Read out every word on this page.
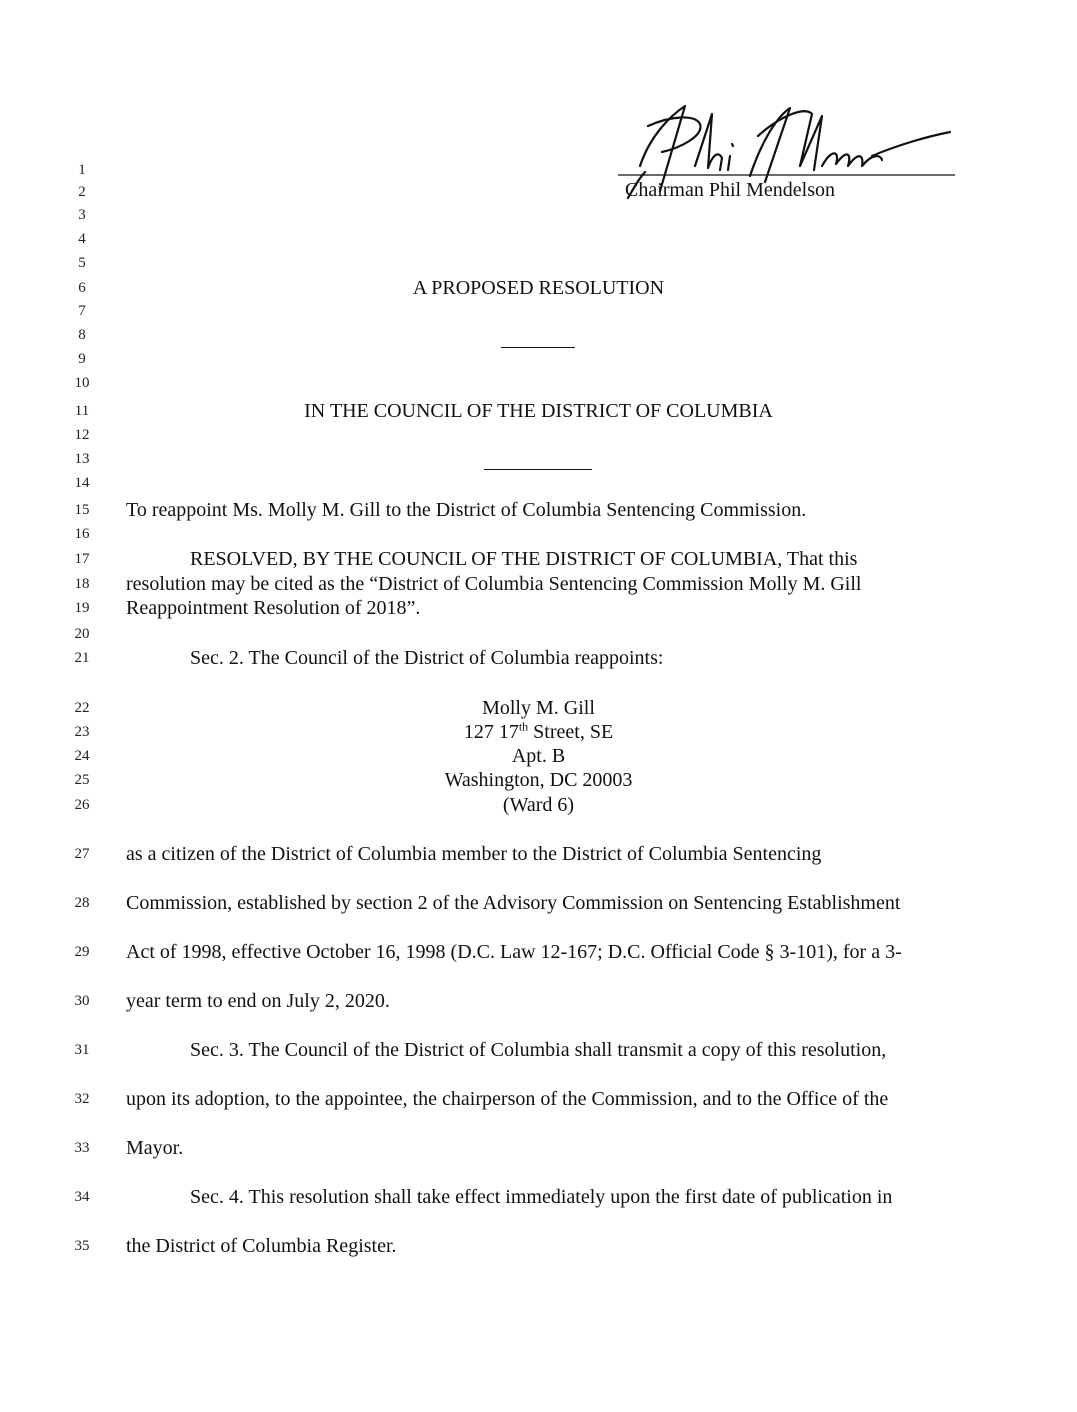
Chairman Phil Mendelson
1
2
3
4
5
6
7
8
9
10
11
12
13
14
15
16
17
18
19
20
21
22
23
24
25
26
27
28
29
30
31
32
33
34
35
A PROPOSED RESOLUTION
IN THE COUNCIL OF THE DISTRICT OF COLUMBIA
To reappoint Ms. Molly M. Gill to the District of Columbia Sentencing Commission.
RESOLVED, BY THE COUNCIL OF THE DISTRICT OF COLUMBIA, That this
resolution may be cited as the “District of Columbia Sentencing Commission Molly M. Gill
Reappointment Resolution of 2018”.
Sec. 2. The Council of the District of Columbia reappoints:
Molly M. Gill
127 17th Street, SE
Apt. B
Washington, DC 20003
(Ward 6)
as a citizen of the District of Columbia member to the District of Columbia Sentencing
Commission, established by section 2 of the Advisory Commission on Sentencing Establishment
Act of 1998, effective October 16, 1998 (D.C. Law 12-167; D.C. Official Code § 3-101), for a 3-
year term to end on July 2, 2020.
Sec. 3. The Council of the District of Columbia shall transmit a copy of this resolution,
upon its adoption, to the appointee, the chairperson of the Commission, and to the Office of the
Mayor.
Sec. 4. This resolution shall take effect immediately upon the first date of publication in
the District of Columbia Register.
